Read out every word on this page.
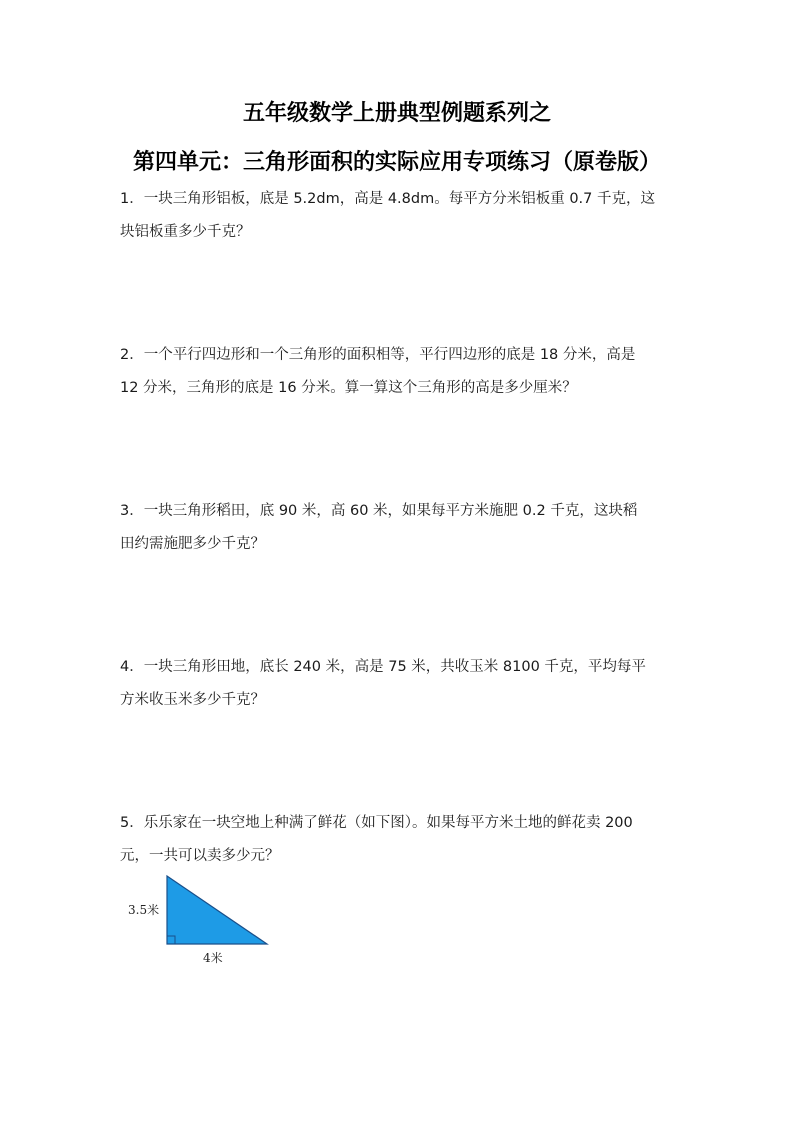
五年级数学上册典型例题系列之
第四单元：三角形面积的实际应用专项练习（原卷版）
1．一块三角形铝板，底是 5.2dm，高是 4.8dm。每平方分米铝板重 0.7 千克，这
块铝板重多少千克？
2．一个平行四边形和一个三角形的面积相等，平行四边形的底是 18 分米，高是
12 分米，三角形的底是 16 分米。算一算这个三角形的高是多少厘米？
3．一块三角形稻田，底 90 米，高 60 米，如果每平方米施肥 0.2 千克，这块稻
田约需施肥多少千克？
4．一块三角形田地，底长 240 米，高是 75 米，共收玉米 8100 千克，平均每平
方米收玉米多少千克？
5．乐乐家在一块空地上种满了鲜花（如下图）。如果每平方米土地的鲜花卖 200
元，一共可以卖多少元？
3.5米
4米
